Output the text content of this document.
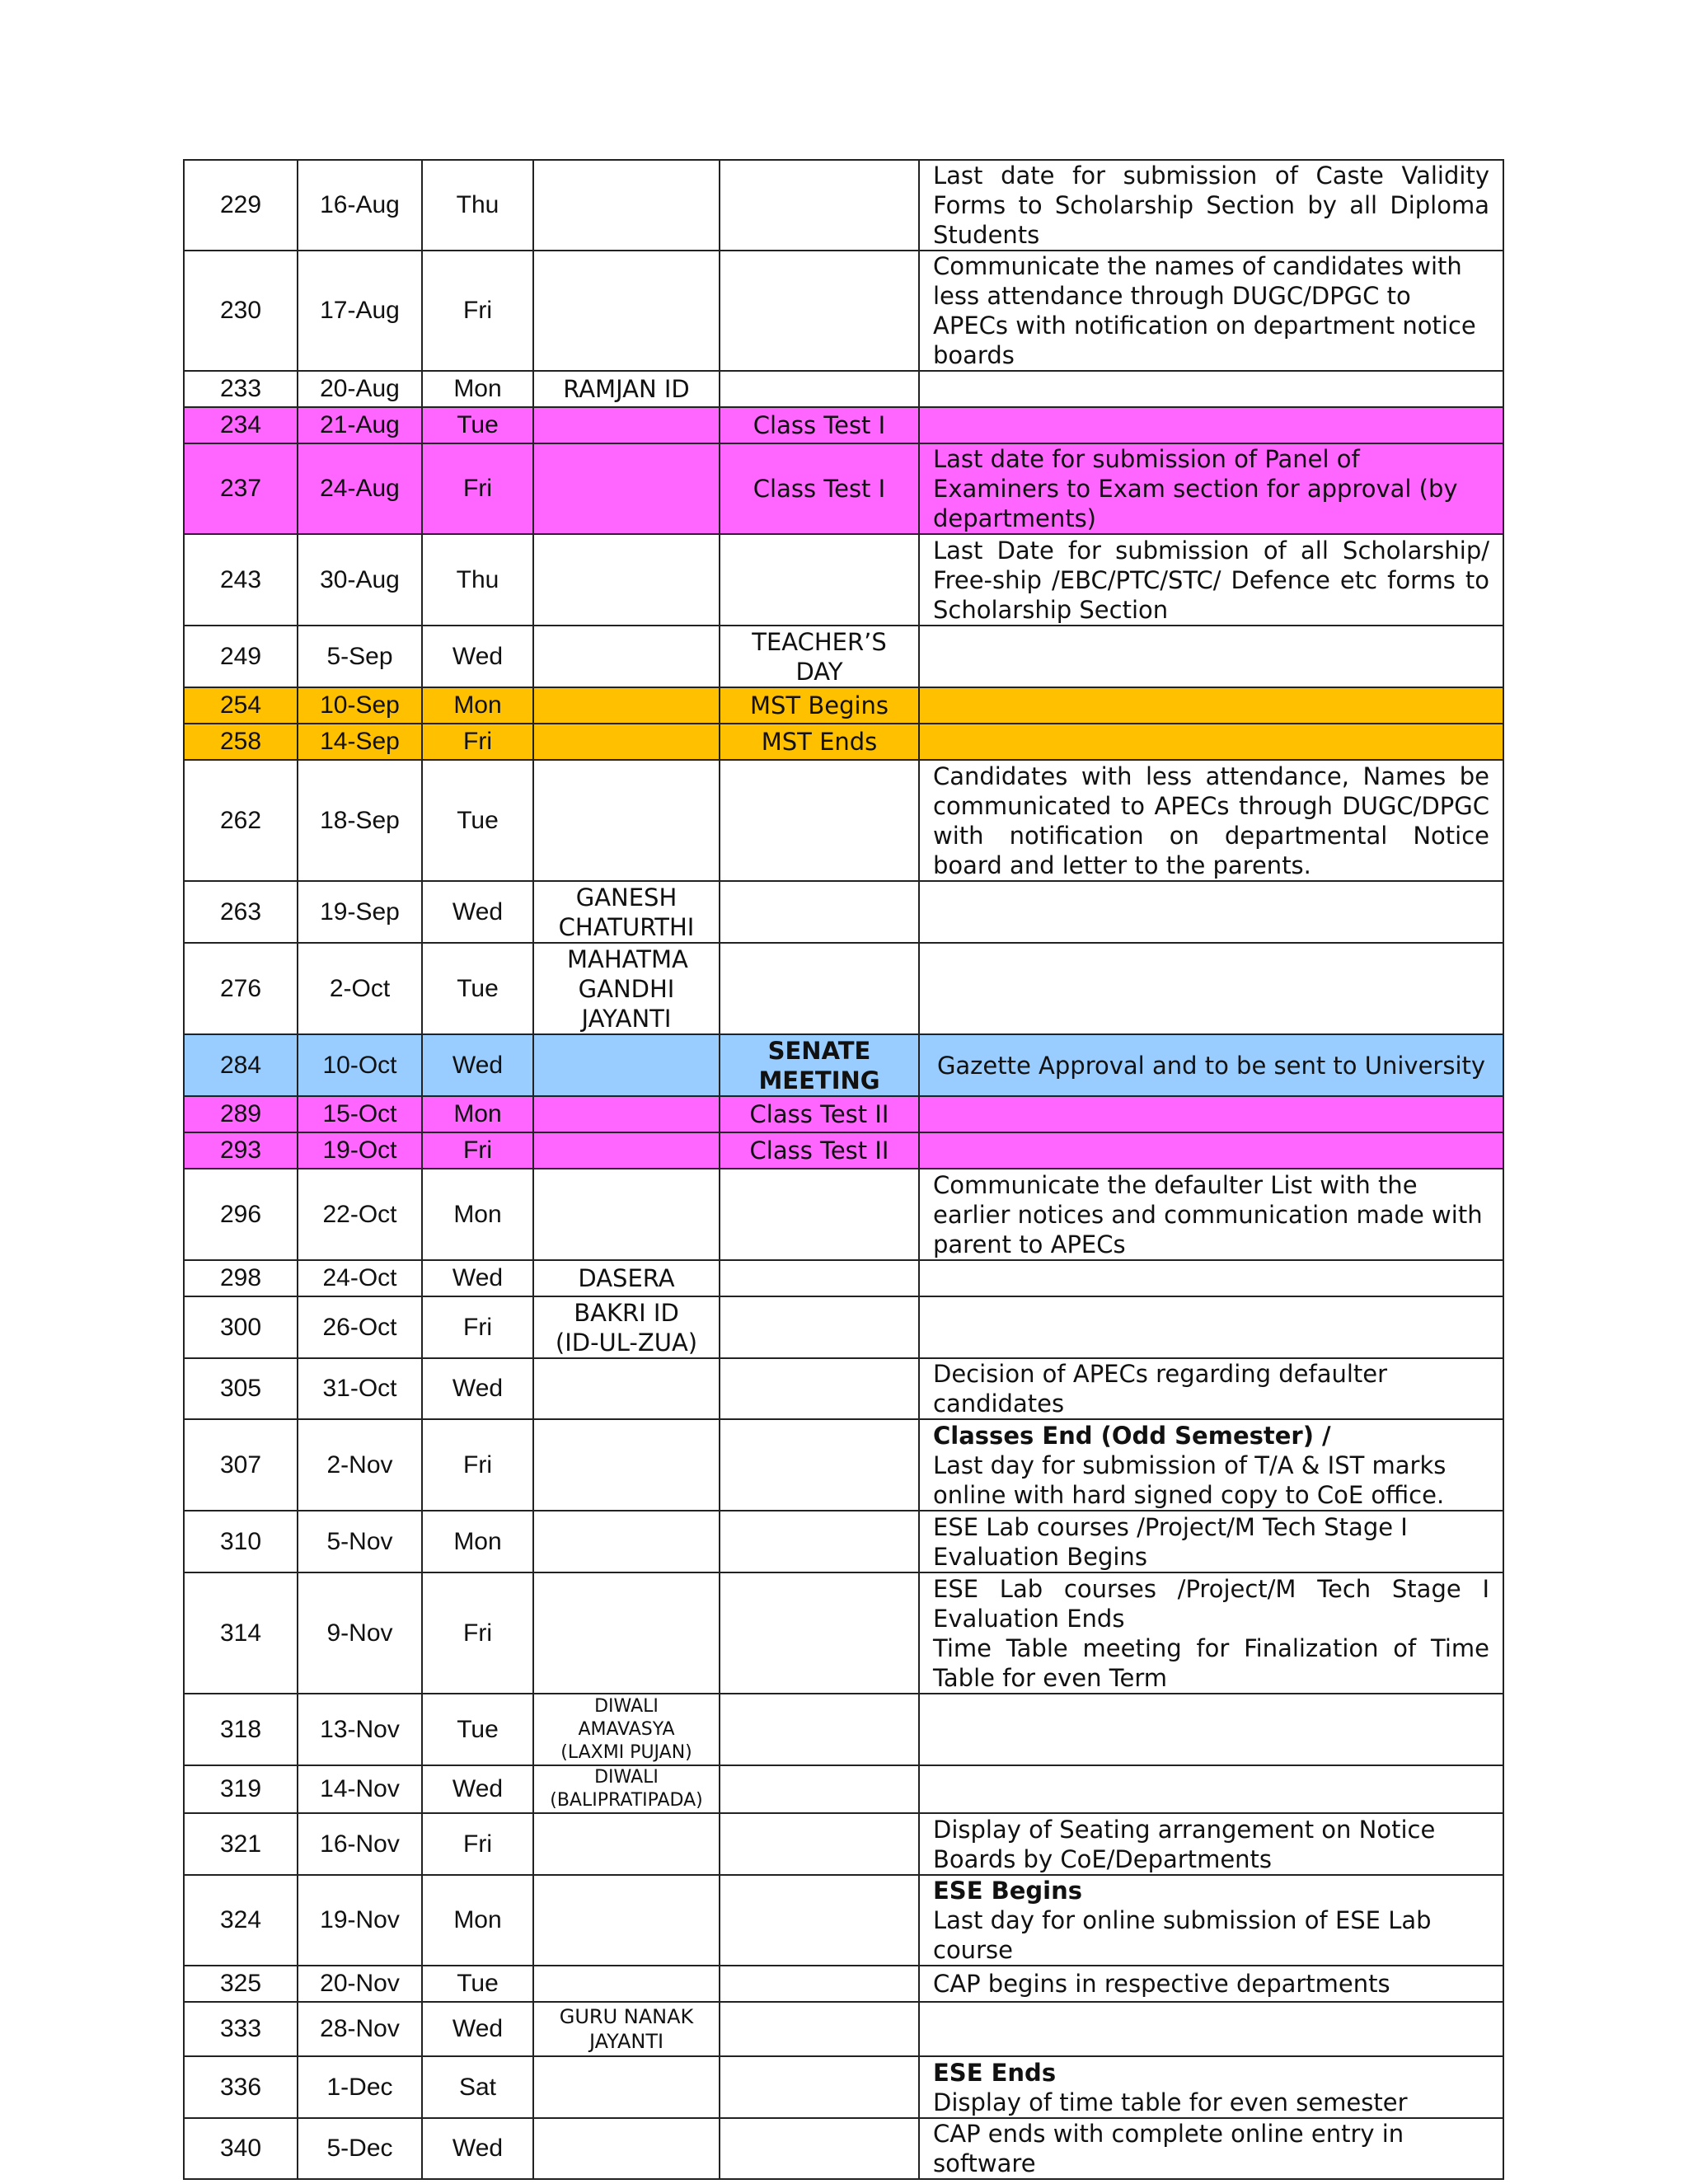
229	16-Aug	Thu			Last date for submission of Caste Validity Forms to Scholarship Section by all Diploma Students

230	17-Aug	Fri			Communicate the names of candidates with less attendance through DUGC/DPGC to APECs with notification on department notice boards

233	20-Aug	Mon	RAMJAN ID		

234	21-Aug	Tue		Class Test I	

237	24-Aug	Fri		Class Test I	Last date for submission of Panel of Examiners to Exam section for approval (by departments)

243	30-Aug	Thu			Last Date for submission of all Scholarship/ Free-ship /EBC/PTC/STC/ Defence etc forms to Scholarship Section

249	5-Sep	Wed		TEACHER’S DAY	

254	10-Sep	Mon		MST Begins	

258	14-Sep	Fri		MST Ends	

262	18-Sep	Tue			Candidates with less attendance, Names be communicated to APECs through DUGC/DPGC with notification on departmental Notice board and letter to the parents.

263	19-Sep	Wed	GANESH CHATURTHI		

276	2-Oct	Tue	MAHATMA GANDHI JAYANTI		

284	10-Oct	Wed		SENATE MEETING	Gazette Approval and to be sent to University

289	15-Oct	Mon		Class Test II	

293	19-Oct	Fri		Class Test II	

296	22-Oct	Mon			Communicate the defaulter List with the earlier notices and communication made with parent to APECs

298	24-Oct	Wed	DASERA		

300	26-Oct	Fri	BAKRI ID (ID-UL-ZUA)		

305	31-Oct	Wed			Decision of APECs regarding defaulter candidates

307	2-Nov	Fri			Classes End (Odd Semester) /
Last day for submission of T/A & IST marks online with hard signed copy to CoE office.

310	5-Nov	Mon			ESE Lab courses /Project/M Tech Stage I Evaluation Begins

314	9-Nov	Fri			ESE Lab courses /Project/M Tech Stage I Evaluation Ends
Time Table meeting for Finalization of Time Table for even Term

318	13-Nov	Tue	DIWALI AMAVASYA (LAXMI PUJAN)		

319	14-Nov	Wed	DIWALI (BALIPRATIPADA)		

321	16-Nov	Fri			Display of Seating arrangement on Notice Boards by CoE/Departments

324	19-Nov	Mon			ESE Begins
Last day for online submission of ESE Lab course

325	20-Nov	Tue			CAP begins in respective departments

333	28-Nov	Wed	GURU NANAK JAYANTI		

336	1-Dec	Sat			ESE Ends
Display of time table for even semester

340	5-Dec	Wed			CAP ends with complete online entry in software
